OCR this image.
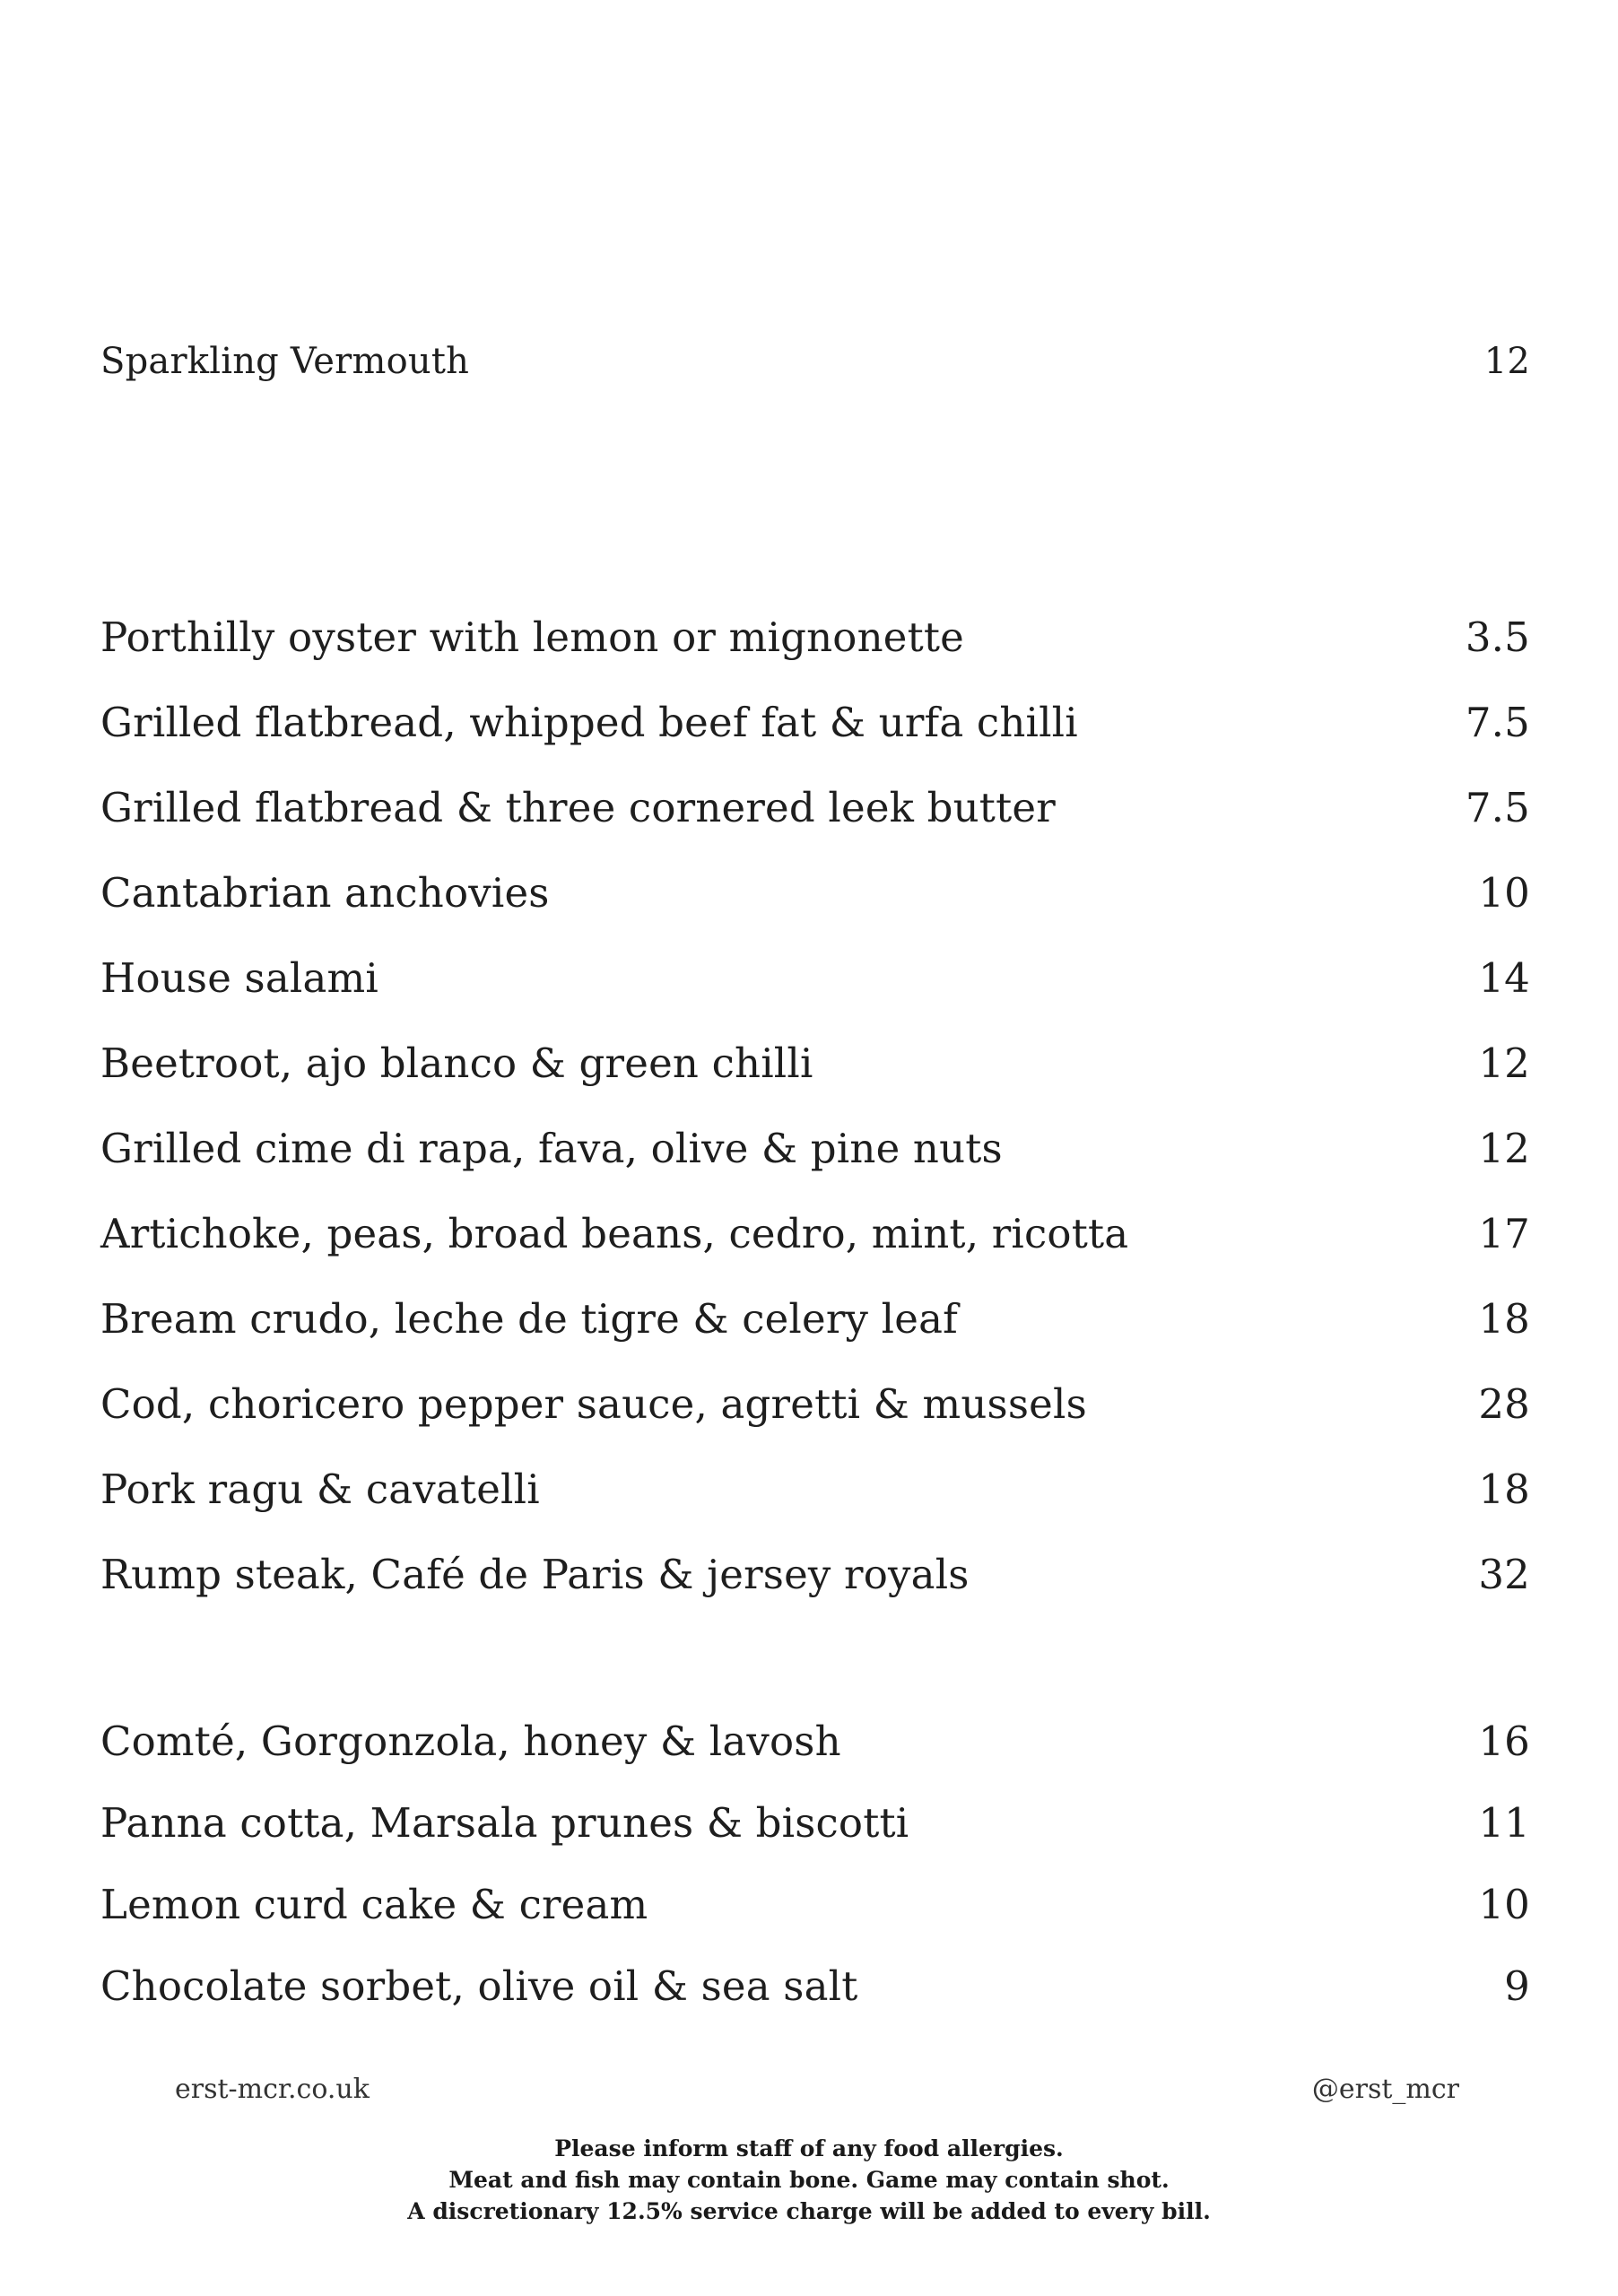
Sparkling Vermouth	12
Porthilly oyster with lemon or mignonette	3.5
Grilled flatbread, whipped beef fat & urfa chilli	7.5
Grilled flatbread & three cornered leek butter	7.5
Cantabrian anchovies	10
House salami	14
Beetroot, ajo blanco & green chilli	12
Grilled cime di rapa, fava, olive & pine nuts	12
Artichoke, peas, broad beans, cedro, mint, ricotta	17
Bream crudo, leche de tigre & celery leaf	18
Cod, choricero pepper sauce, agretti & mussels	28
Pork ragu & cavatelli	18
Rump steak, Café de Paris & jersey royals	32
Comté, Gorgonzola, honey & lavosh	16
Panna cotta, Marsala prunes & biscotti	11
Lemon curd cake & cream	10
Chocolate sorbet, olive oil & sea salt	9
erst-mcr.co.uk	@erst_mcr
Please inform staff of any food allergies.
Meat and fish may contain bone. Game may contain shot.
A discretionary 12.5% service charge will be added to every bill.
